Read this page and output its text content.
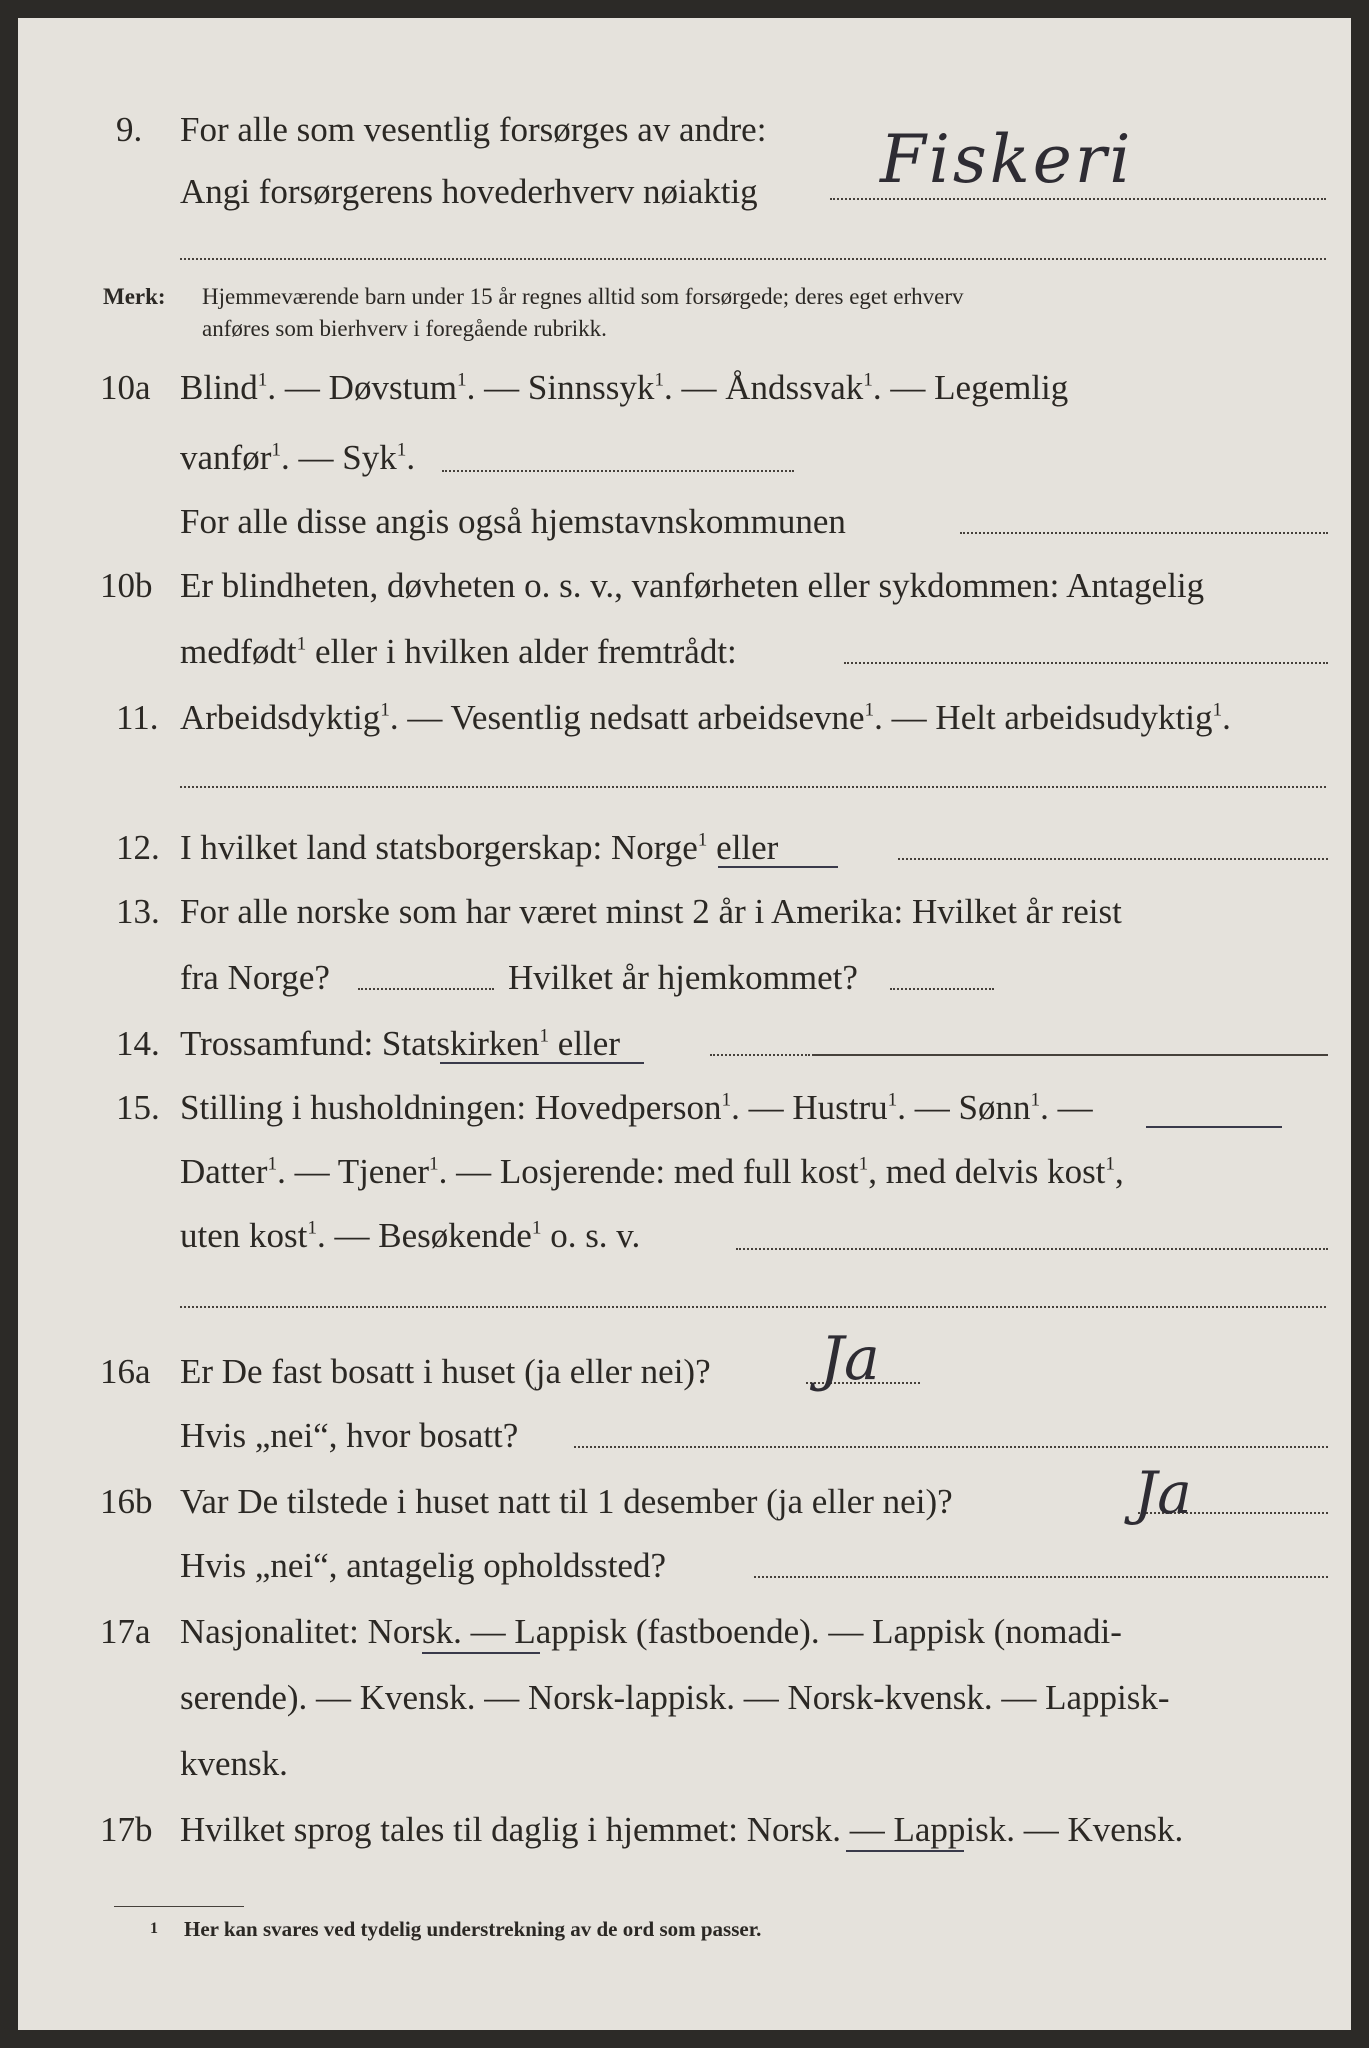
9. For alle som vesentlig forsørges av andre:
Angi forsørgerens hovederhverv nøiaktig Fiskeri
Merk: Hjemmeværende barn under 15 år regnes alltid som forsørgede; deres eget erhverv
anføres som bierhverv i foregående rubrikk.
10a Blind$^1$. — Døvstum$^1$. — Sinnssyk$^1$. — Åndssvak$^1$. — Legemlig
vanfør$^1$. — Syk$^1$.
For alle disse angis også hjemstavnskommunen
10b Er blindheten, døvheten o. s. v., vanførheten eller sykdommen: Antagelig
medfødt$^1$ eller i hvilken alder fremtrådt:
11. Arbeidsdyktig$^1$. — Vesentlig nedsatt arbeidsevne$^1$. — Helt arbeidsudyktig$^1$.
12. I hvilket land statsborgerskap: Norge$^1$ eller
13. For alle norske som har været minst 2 år i Amerika: Hvilket år reist
fra Norge?	Hvilket år hjemkommet?
14. Trossamfund: Statskirken$^1$ eller
15. Stilling i husholdningen: Hovedperson$^1$. — Hustru$^1$. — Sønn$^1$. —
Datter$^1$. — Tjener$^1$. — Losjerende: med full kost$^1$, med delvis kost$^1$,
uten kost$^1$. — Besøkende$^1$ o. s. v.
16a Er De fast bosatt i huset (ja eller nei)? Ja
Hvis „nei“, hvor bosatt?
16b Var De tilstede i huset natt til 1 desember (ja eller nei)?	Ja
Hvis „nei“, antagelig opholdssted?
17a Nasjonalitet: Norsk. — Lappisk (fastboende). — Lappisk (nomadi-
serende). — Kvensk. — Norsk-lappisk. — Norsk-kvensk. — Lappisk-
kvensk.
17b Hvilket sprog tales til daglig i hjemmet: Norsk. — Lappisk. — Kvensk.
1 Her kan svares ved tydelig understrekning av de ord som passer.
